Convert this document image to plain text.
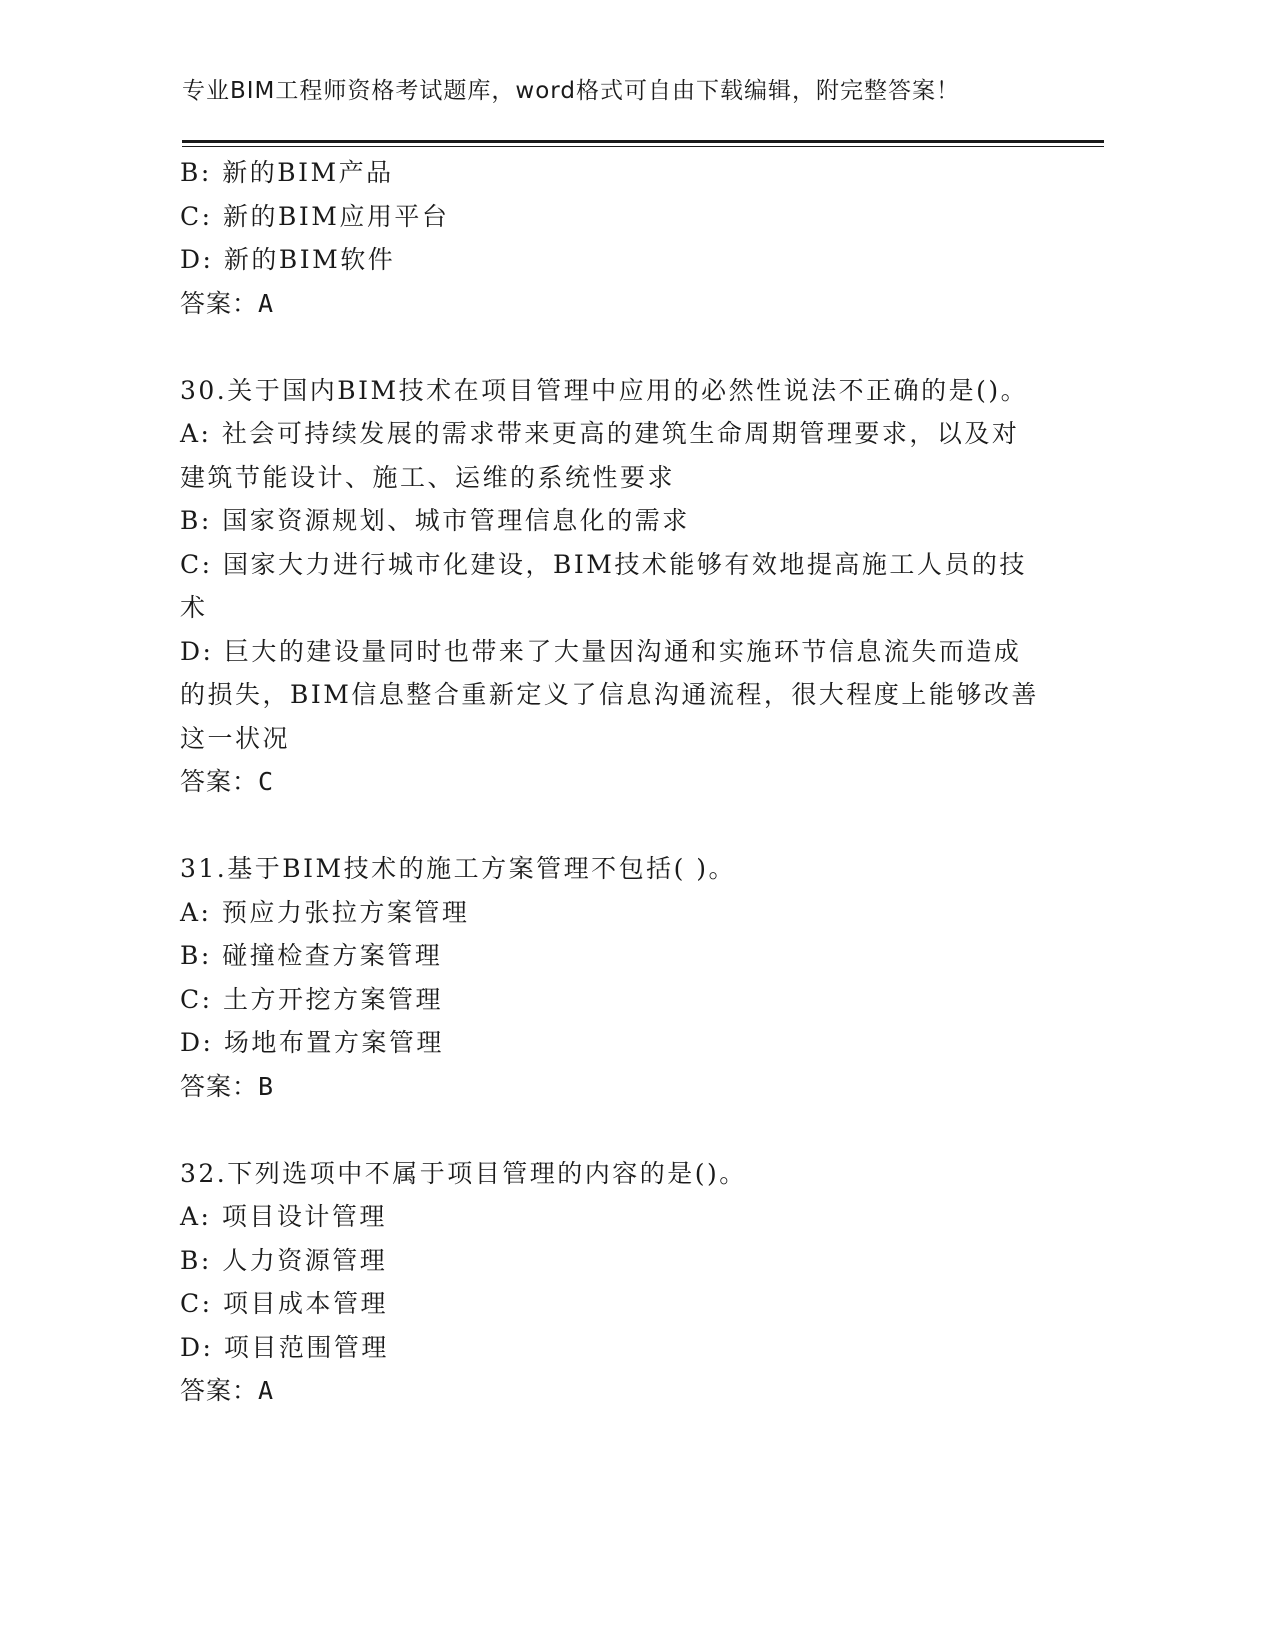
专业BIM工程师资格考试题库，word格式可自由下载编辑，附完整答案！
B: 新的BIM产品
C: 新的BIM应用平台
D: 新的BIM软件
答案：A
30.关于国内BIM技术在项目管理中应用的必然性说法不正确的是()。
A: 社会可持续发展的需求带来更高的建筑生命周期管理要求，以及对
建筑节能设计、施工、运维的系统性要求
B: 国家资源规划、城市管理信息化的需求
C: 国家大力进行城市化建设，BIM技术能够有效地提高施工人员的技
术
D: 巨大的建设量同时也带来了大量因沟通和实施环节信息流失而造成
的损失，BIM信息整合重新定义了信息沟通流程，很大程度上能够改善
这一状况
答案：C
31.基于BIM技术的施工方案管理不包括( )。
A: 预应力张拉方案管理
B: 碰撞检查方案管理
C: 土方开挖方案管理
D: 场地布置方案管理
答案：B
32.下列选项中不属于项目管理的内容的是()。
A: 项目设计管理
B: 人力资源管理
C: 项目成本管理
D: 项目范围管理
答案：A
